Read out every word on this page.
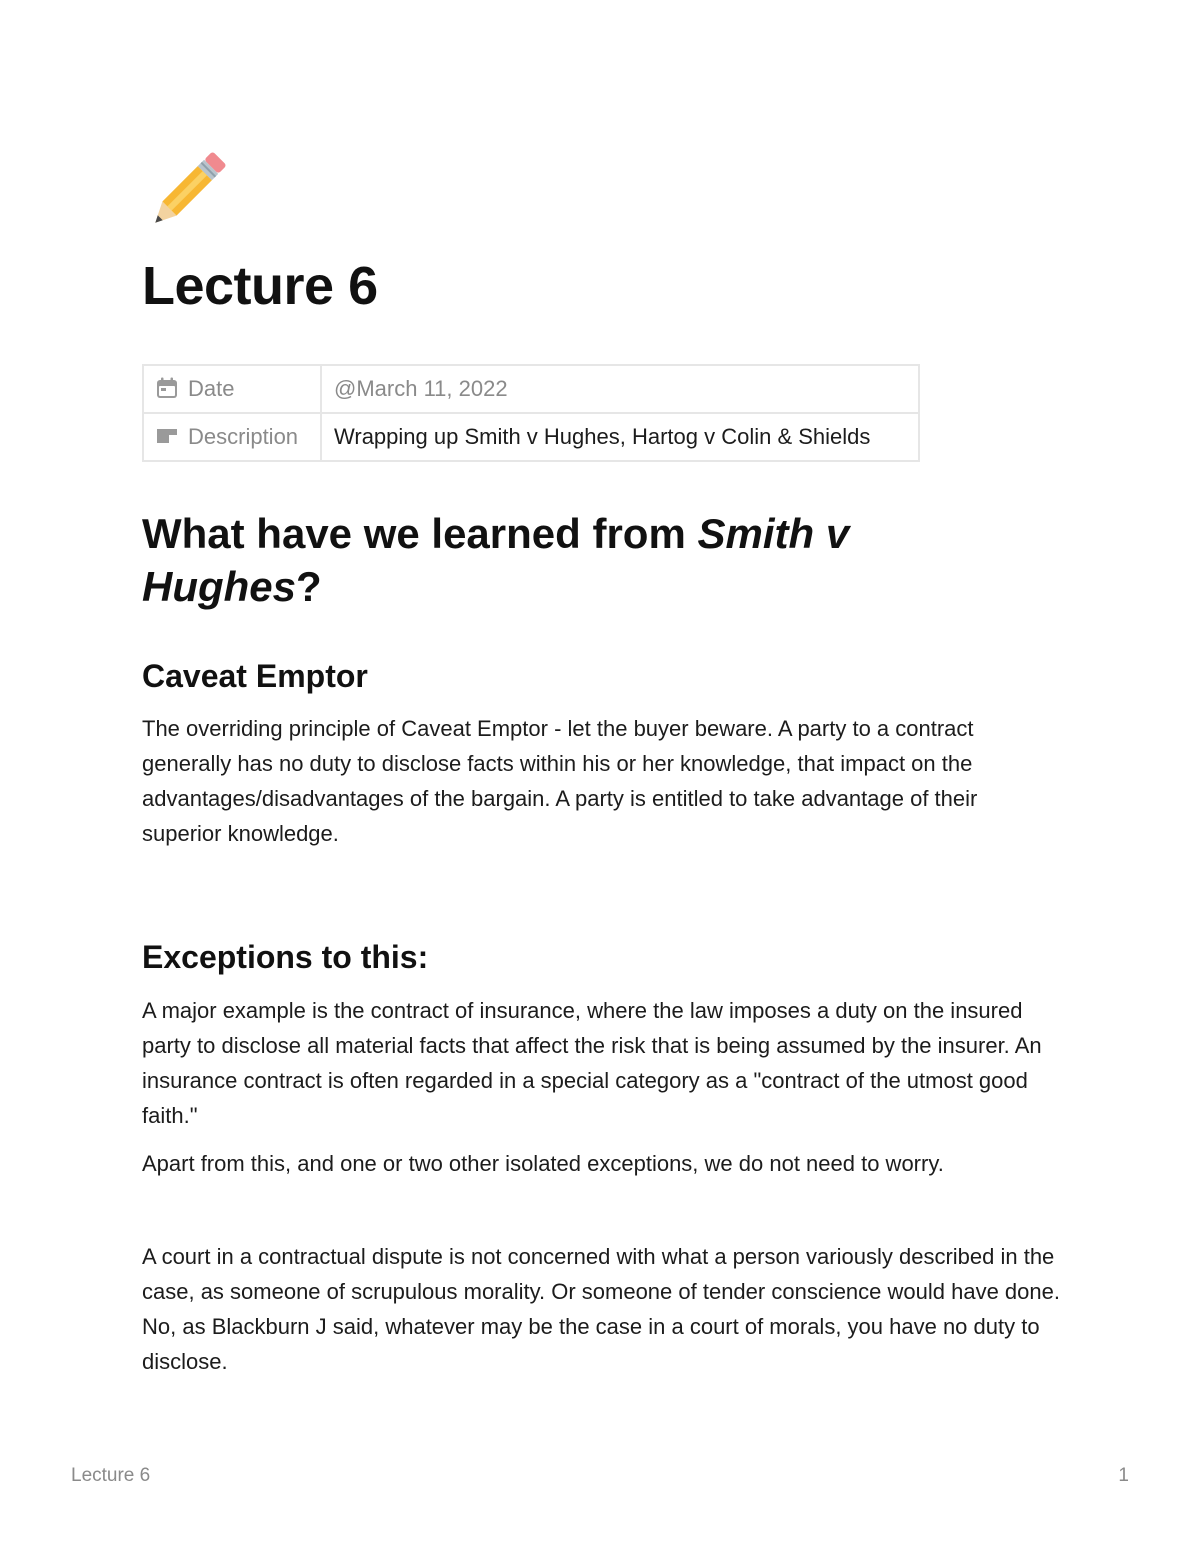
Lecture 6
Date	@March 11, 2022
Description	Wrapping up Smith v Hughes, Hartog v Colin & Shields
What have we learned from Smith v Hughes?
Caveat Emptor

The overriding principle of Caveat Emptor - let the buyer beware. A party to a contract generally has no duty to disclose facts within his or her knowledge, that impact on the advantages/disadvantages of the bargain. A party is entitled to take advantage of their superior knowledge.

Exceptions to this:

A major example is the contract of insurance, where the law imposes a duty on the insured party to disclose all material facts that affect the risk that is being assumed by the insurer. An insurance contract is often regarded in a special category as a "contract of the utmost good faith."

Apart from this, and one or two other isolated exceptions, we do not need to worry.

A court in a contractual dispute is not concerned with what a person variously described in the case, as someone of scrupulous morality. Or someone of tender conscience would have done. No, as Blackburn J said, whatever may be the case in a court of morals, you have no duty to disclose.

Lecture 6	1
